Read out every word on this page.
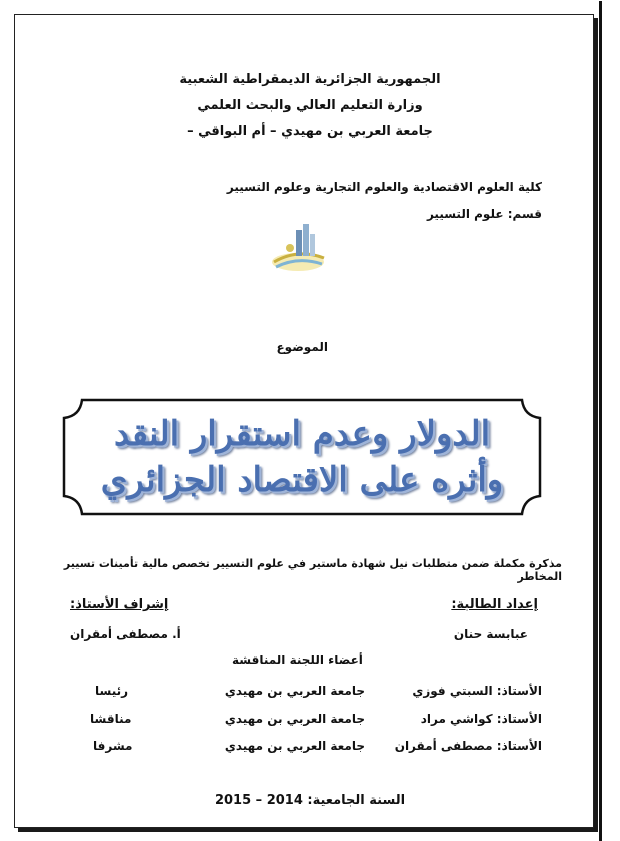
الجمهورية الجزائرية الديمقراطية الشعبية
وزارة التعليم العالي والبحث العلمي
جامعة العربي بن مهيدي – أم البواقي –
كلية العلوم الاقتصادية والعلوم التجارية وعلوم التسيير
قسم: علوم التسيير
الموضوع
الدولار وعدم استقرار النقد
وأثره على الاقتصاد الجزائري
مذكرة مكملة ضمن متطلبات نيل شهادة ماستير في علوم التسيير تخصص مالية تأمينات تسيير المخاطر
إعداد الطالبة:
عبابسة حنان
إشراف الأستاذ:
أ. مصطفى أمقران
أعضاء اللجنة المناقشة
الأستاذ: السبتي فوزي
جامعة العربي بن مهيدي
رئيسا
الأستاذ: كواشي مراد
جامعة العربي بن مهيدي
مناقشا
الأستاذ: مصطفى أمقران
جامعة العربي بن مهيدي
مشرفا
السنة الجامعية: 2014 – 2015
